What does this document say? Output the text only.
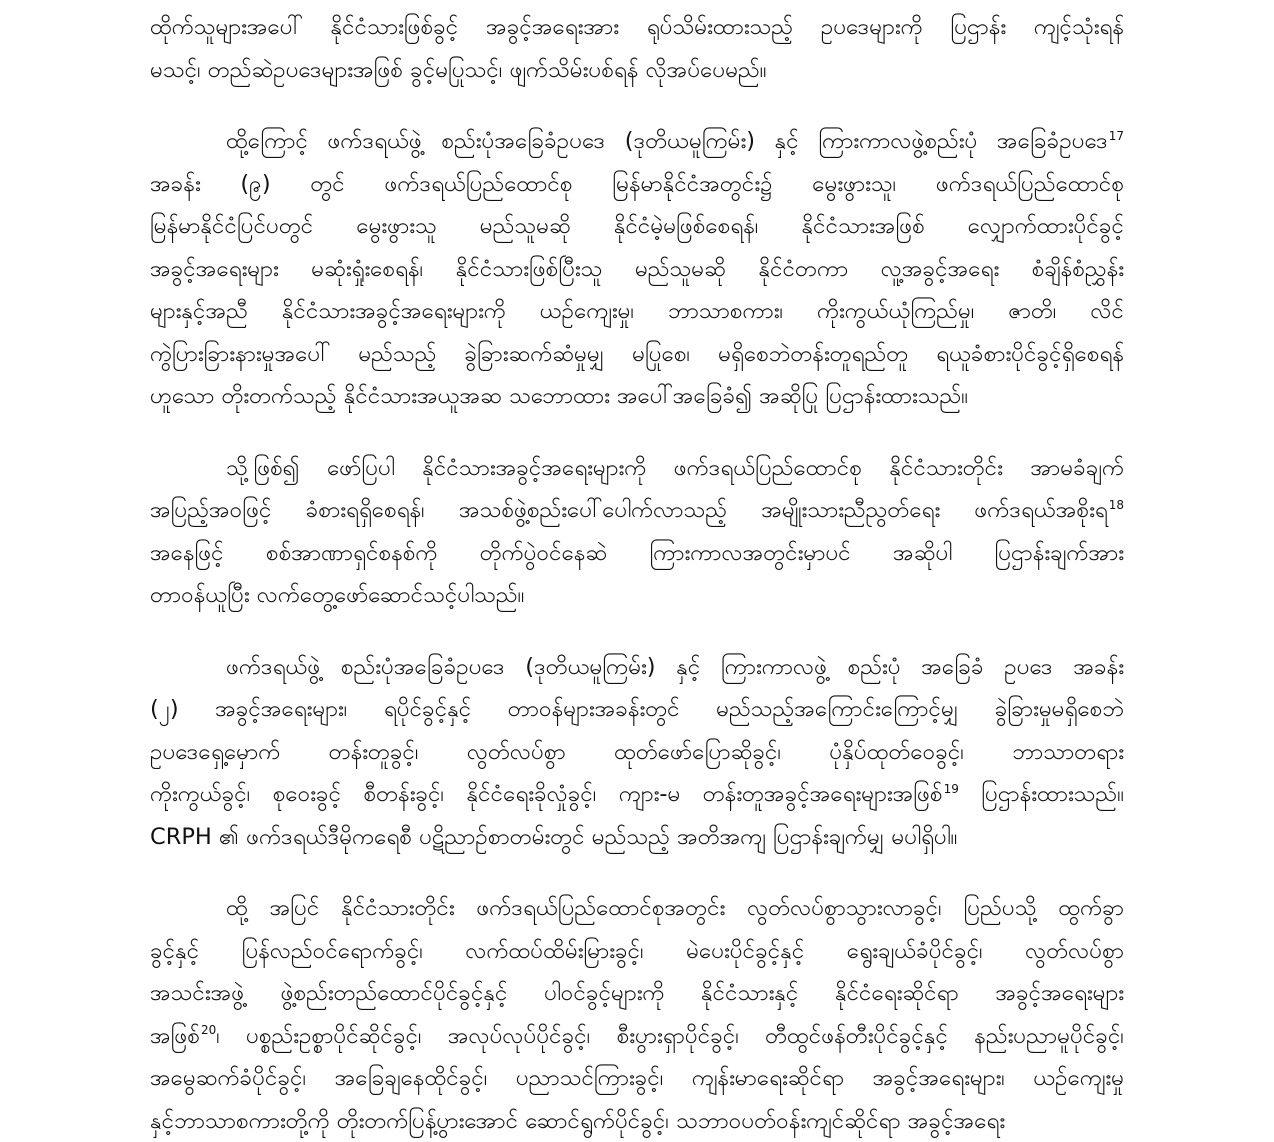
ထိုက်သူများအပေါ် နိုင်ငံသားဖြစ်ခွင့် အခွင့်အရေးအား ရုပ်သိမ်းထားသည့် ဥပဒေများကို ပြဌာန်း ကျင့်သုံးရန်
မသင့်၊ တည်ဆဲဥပဒေများအဖြစ် ခွင့်မပြုသင့်၊ ဖျက်သိမ်းပစ်ရန် လိုအပ်ပေမည်။
ထို့ကြောင့် ဖက်ဒရယ်ဖွဲ့ စည်းပုံအခြေခံဥပဒေ (ဒုတိယမူကြမ်း) နှင့် ကြားကာလဖွဲ့စည်းပုံ အခြေခံဥပဒေ$^{17}$
အခန်း (၉) တွင် ဖက်ဒရယ်ပြည်ထောင်စု မြန်မာနိုင်ငံအတွင်း၌ မွေးဖွားသူ၊ ဖက်ဒရယ်ပြည်ထောင်စု
မြန်မာနိုင်ငံပြင်ပတွင် မွေးဖွားသူ မည်သူမဆို နိုင်ငံမဲ့မဖြစ်စေရန်၊ နိုင်ငံသားအဖြစ် လျှောက်ထားပိုင်ခွင့်
အခွင့်အရေးများ မဆုံးရှုံးစေရန်၊ နိုင်ငံသားဖြစ်ပြီးသူ မည်သူမဆို နိုင်ငံတကာ လူ့အခွင့်အရေး စံချိန်စံညွှန်း
များနှင့်အညီ နိုင်ငံသားအခွင့်အရေးများကို ယဉ်ကျေးမှု၊ ဘာသာစကား၊ ကိုးကွယ်ယုံကြည်မှု၊ ဇာတိ၊ လိင်
ကွဲပြားခြားနားမှုအပေါ် မည်သည့် ခွဲခြားဆက်ဆံမှုမျှ မပြုစေ၊ မရှိစေဘဲတန်းတူရည်တူ ရယူခံစားပိုင်ခွင့်ရှိစေရန်
ဟူသော တိုးတက်သည့် နိုင်ငံသားအယူအဆ သဘောထား အပေါ်အခြေခံ၍ အဆိုပြု ပြဌာန်းထားသည်။
သို့ဖြစ်၍ ဖော်ပြပါ နိုင်ငံသားအခွင့်အရေးများကို ဖက်ဒရယ်ပြည်ထောင်စု နိုင်ငံသားတိုင်း အာမခံချက်
အပြည့်အဝဖြင့် ခံစားရရှိစေရန်၊ အသစ်ဖွဲ့စည်းပေါ်ပေါက်လာသည့် အမျိုးသားညီညွတ်ရေး ဖက်ဒရယ်အစိုးရ$^{18}$
အနေဖြင့် စစ်အာဏာရှင်စနစ်ကို တိုက်ပွဲဝင်နေဆဲ ကြားကာလအတွင်းမှာပင် အဆိုပါ ပြဌာန်းချက်အား
တာဝန်ယူပြီး လက်တွေ့ဖော်ဆောင်သင့်ပါသည်။
ဖက်ဒရယ်ဖွဲ့ စည်းပုံအခြေခံဥပဒေ (ဒုတိယမူကြမ်း) နှင့် ကြားကာလဖွဲ့ စည်းပုံ အခြေခံ ဥပဒေ အခန်း
(၂) အခွင့်အရေးများ၊ ရပိုင်ခွင့်နှင့် တာဝန်များအခန်းတွင် မည်သည့်အကြောင်းကြောင့်မျှ ခွဲခြားမှုမရှိစေဘဲ
ဥပဒေရှေ့မှောက် တန်းတူခွင့်၊ လွတ်လပ်စွာ ထုတ်ဖော်ပြောဆိုခွင့်၊ ပုံနှိပ်ထုတ်ဝေခွင့်၊ ဘာသာတရား
ကိုးကွယ်ခွင့်၊ စုဝေးခွင့် စီတန်းခွင့်၊ နိုင်ငံရေးခိုလှုံခွင့်၊ ကျား-မ တန်းတူအခွင့်အရေးများအဖြစ်$^{19}$ ပြဌာန်းထားသည်။
CRPH ၏ ဖက်ဒရယ်ဒီမိုကရေစီ ပဋိညာဉ်စာတမ်းတွင် မည်သည့် အတိအကျ ပြဌာန်းချက်မျှ မပါရှိပါ။
ထို့ အပြင် နိုင်ငံသားတိုင်း ဖက်ဒရယ်ပြည်ထောင်စုအတွင်း လွတ်လပ်စွာသွားလာခွင့်၊ ပြည်ပသို့ ထွက်ခွာ
ခွင့်နှင့် ပြန်လည်ဝင်ရောက်ခွင့်၊ လက်ထပ်ထိမ်းမြားခွင့်၊ မဲပေးပိုင်ခွင့်နှင့် ရွေးချယ်ခံပိုင်ခွင့်၊ လွတ်လပ်စွာ
အသင်းအဖွဲ့ ဖွဲ့စည်းတည်ထောင်ပိုင်ခွင့်နှင့် ပါဝင်ခွင့်များကို နိုင်ငံသားနှင့် နိုင်ငံရေးဆိုင်ရာ အခွင့်အရေးများ
အဖြစ်$^{20}$၊ ပစ္စည်းဥစ္စာပိုင်ဆိုင်ခွင့်၊ အလုပ်လုပ်ပိုင်ခွင့်၊ စီးပွားရှာပိုင်ခွင့်၊ တီထွင်ဖန်တီးပိုင်ခွင့်နှင့် နည်းပညာမူပိုင်ခွင့်၊
အမွေဆက်ခံပိုင်ခွင့်၊ အခြေချနေထိုင်ခွင့်၊ ပညာသင်ကြားခွင့်၊ ကျန်းမာရေးဆိုင်ရာ အခွင့်အရေးများ၊ ယဉ်ကျေးမှု
နှင့်ဘာသာစကားတို့ကို တိုးတက်ပြန့်ပွားအောင် ဆောင်ရွက်ပိုင်ခွင့်၊ သဘာဝပတ်ဝန်းကျင်ဆိုင်ရာ အခွင့်အရေး
